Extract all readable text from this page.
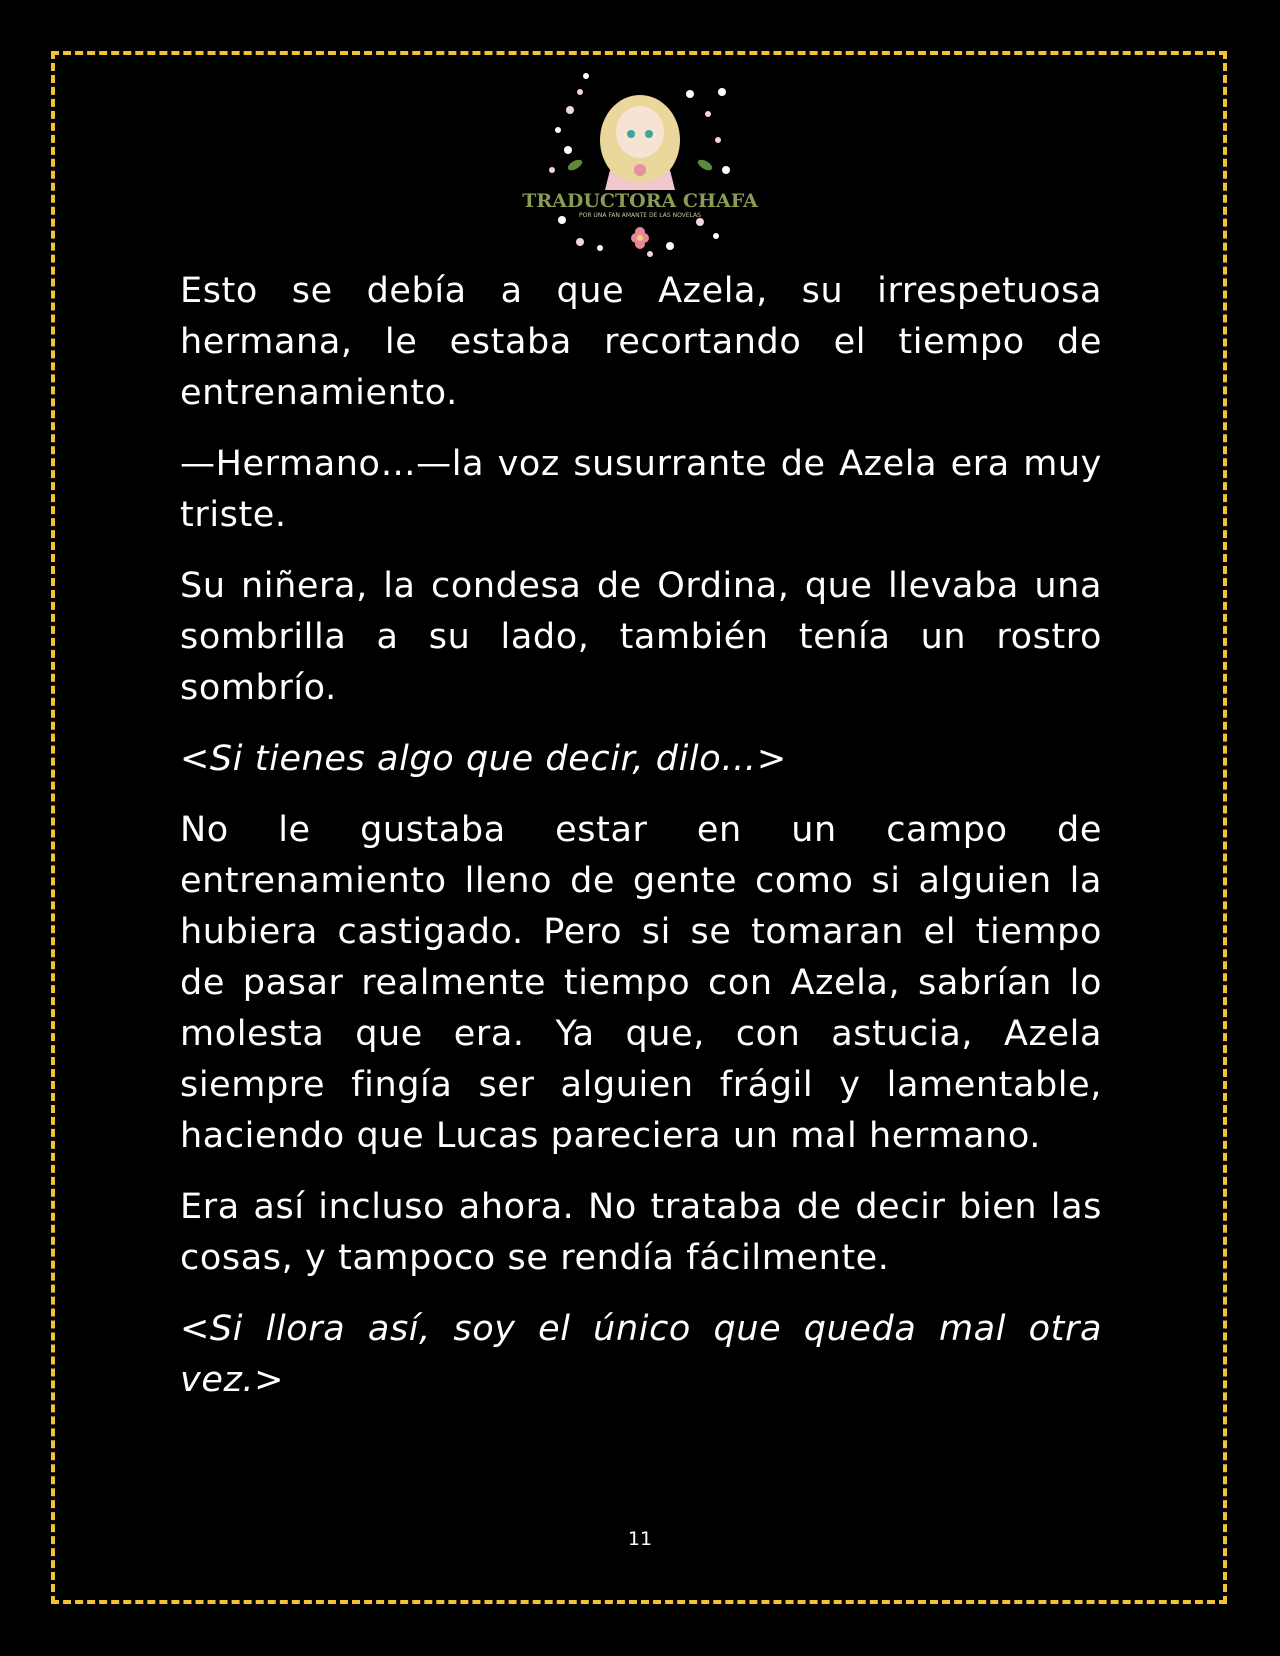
TRADUCTORA CHAFA
POR UNA FAN AMANTE DE LAS NOVELAS

Esto se debía a que Azela, su irrespetuosa hermana, le estaba recortando el tiempo de entrenamiento.

—Hermano…—la voz susurrante de Azela era muy triste.

Su niñera, la condesa de Ordina, que llevaba una sombrilla a su lado, también tenía un rostro sombrío.

<Si tienes algo que decir, dilo…>

No le gustaba estar en un campo de entrenamiento lleno de gente como si alguien la hubiera castigado. Pero si se tomaran el tiempo de pasar realmente tiempo con Azela, sabrían lo molesta que era. Ya que, con astucia, Azela siempre fingía ser alguien frágil y lamentable, haciendo que Lucas pareciera un mal hermano.

Era así incluso ahora. No trataba de decir bien las cosas, y tampoco se rendía fácilmente.

<Si llora así, soy el único que queda mal otra vez.>

11
